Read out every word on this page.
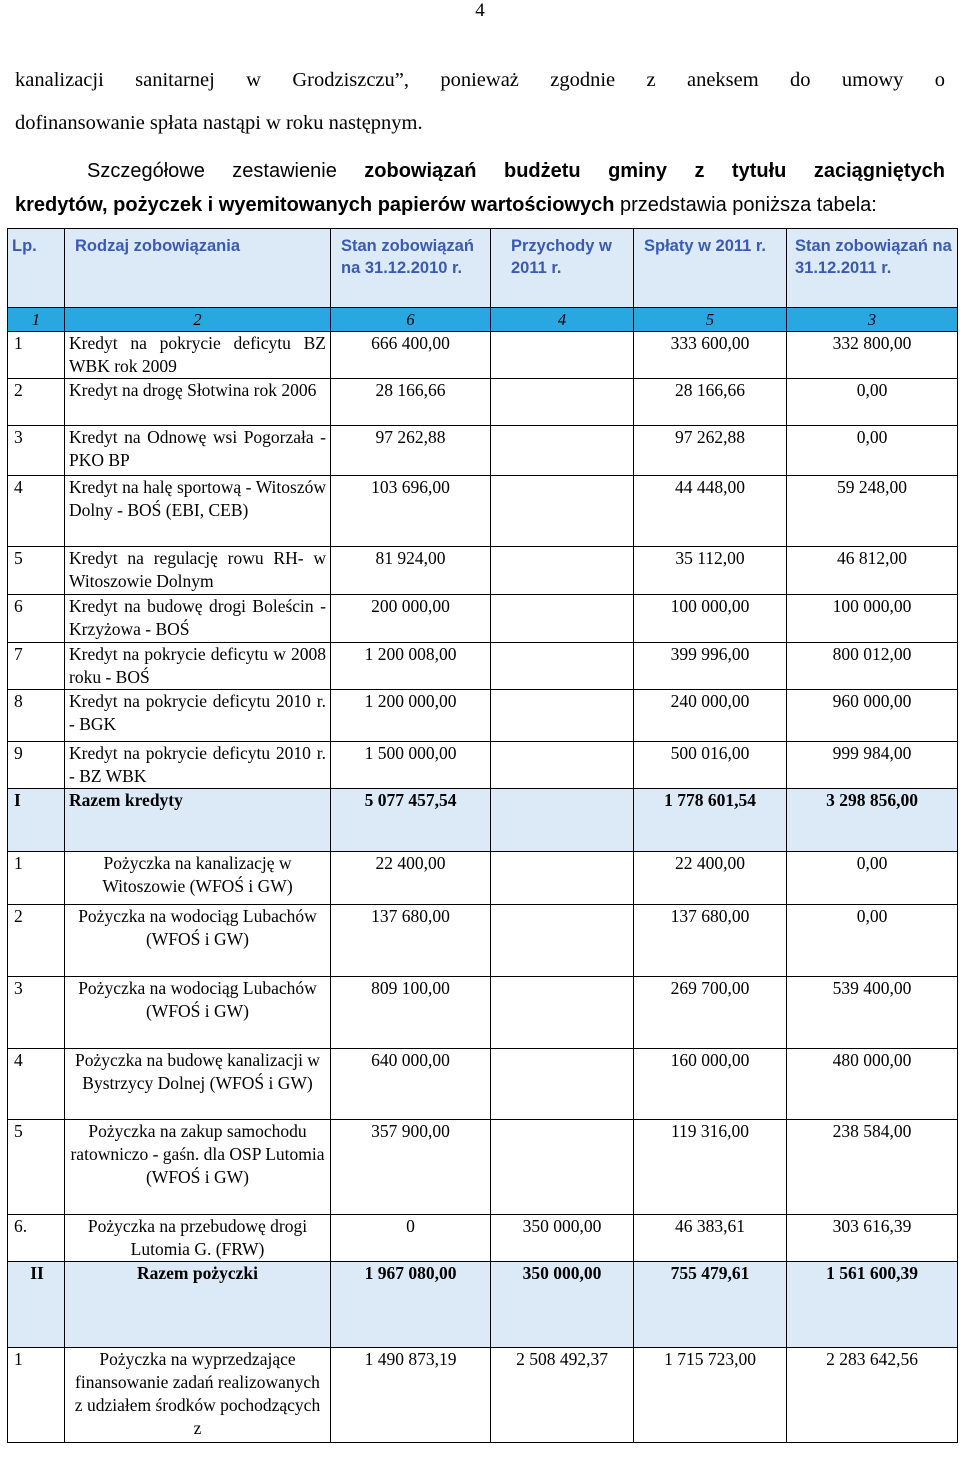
4
kanalizacji sanitarnej w Grodziszczu”, ponieważ zgodnie z aneksem do umowy o
dofinansowanie spłata nastąpi w roku następnym.
Szczegółowe zestawienie zobowiązań budżetu gminy z tytułu zaciągniętych
kredytów, pożyczek i wyemitowanych papierów wartościowych przedstawia poniższa tabela:
Lp.	Rodzaj zobowiązania	Stan zobowiązań na 31.12.2010 r.	Przychody w 2011 r.	Spłaty w 2011 r.	Stan zobowiązań na 31.12.2011 r.
1	2	6	4	5	3
1	Kredyt na pokrycie deficytu BZ WBK rok 2009	666 400,00		333 600,00	332 800,00
2	Kredyt na drogę Słotwina rok 2006	28 166,66		28 166,66	0,00
3	Kredyt na Odnowę wsi Pogorzała - PKO BP	97 262,88		97 262,88	0,00
4	Kredyt na halę sportową - Witoszów Dolny - BOŚ (EBI, CEB)	103 696,00		44 448,00	59 248,00
5	Kredyt na regulację rowu RH- w Witoszowie Dolnym	81 924,00		35 112,00	46 812,00
6	Kredyt na budowę drogi Boleścin - Krzyżowa - BOŚ	200 000,00		100 000,00	100 000,00
7	Kredyt na pokrycie deficytu w 2008 roku - BOŚ	1 200 008,00		399 996,00	800 012,00
8	Kredyt na pokrycie deficytu 2010 r. - BGK	1 200 000,00		240 000,00	960 000,00
9	Kredyt na pokrycie deficytu 2010 r. - BZ WBK	1 500 000,00		500 016,00	999 984,00
I	Razem kredyty	5 077 457,54		1 778 601,54	3 298 856,00
1	Pożyczka na kanalizację w Witoszowie (WFOŚ i GW)	22 400,00		22 400,00	0,00
2	Pożyczka na wodociąg Lubachów (WFOŚ i GW)	137 680,00		137 680,00	0,00
3	Pożyczka na wodociąg Lubachów (WFOŚ i GW)	809 100,00		269 700,00	539 400,00
4	Pożyczka na budowę kanalizacji w Bystrzycy Dolnej (WFOŚ i GW)	640 000,00		160 000,00	480 000,00
5	Pożyczka na zakup samochodu ratowniczo - gaśn. dla OSP Lutomia (WFOŚ i GW)	357 900,00		119 316,00	238 584,00
6.	Pożyczka na przebudowę drogi Lutomia G. (FRW)	0	350 000,00	46 383,61	303 616,39
II	Razem pożyczki	1 967 080,00	350 000,00	755 479,61	1 561 600,39
1	Pożyczka na wyprzedzające finansowanie zadań realizowanych z udziałem środków pochodzących z	1 490 873,19	2 508 492,37	1 715 723,00	2 283 642,56
